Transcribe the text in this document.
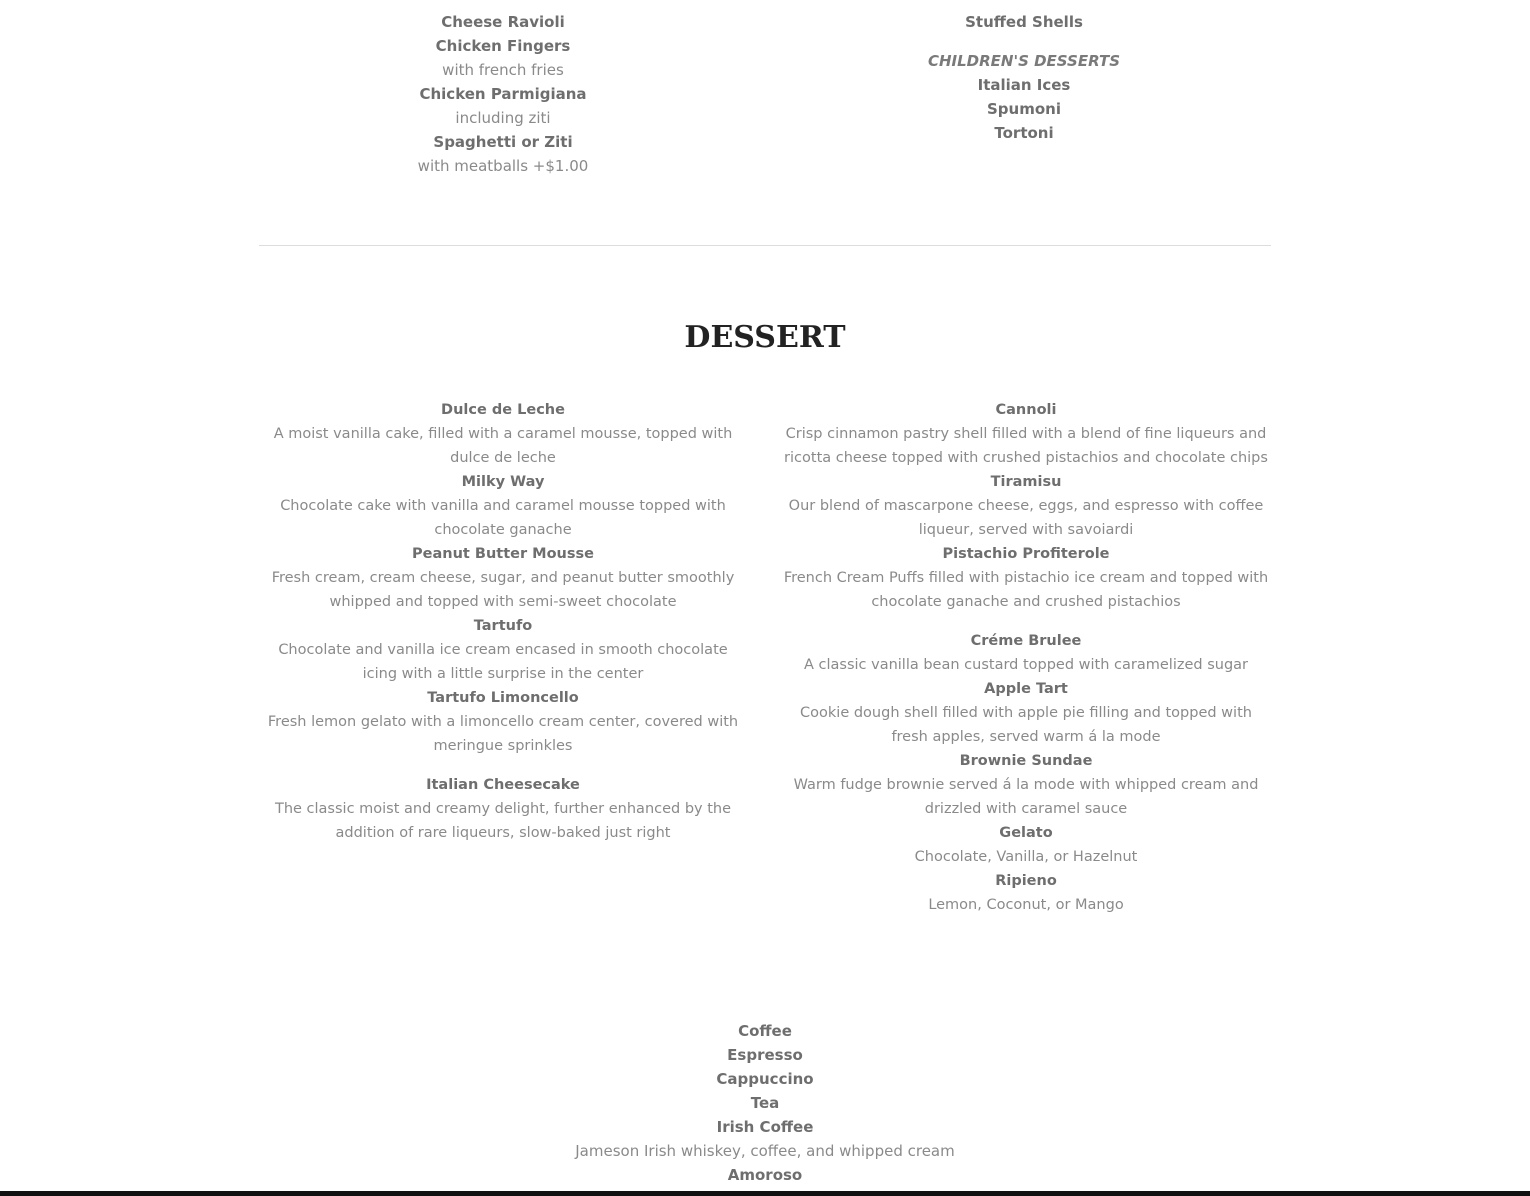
Cheese Ravioli
Chicken Fingers
with french fries
Chicken Parmigiana
including ziti
Spaghetti or Ziti
with meatballs +$1.00
Stuffed Shells
CHILDREN'S DESSERTS
Italian Ices
Spumoni
Tortoni
DESSERT
Dulce de Leche
A moist vanilla cake, filled with a caramel mousse, topped with dulce de leche
Milky Way
Chocolate cake with vanilla and caramel mousse topped with chocolate ganache
Peanut Butter Mousse
Fresh cream, cream cheese, sugar, and peanut butter smoothly whipped and topped with semi-sweet chocolate
Tartufo
Chocolate and vanilla ice cream encased in smooth chocolate icing with a little surprise in the center
Tartufo Limoncello
Fresh lemon gelato with a limoncello cream center, covered with meringue sprinkles
Italian Cheesecake
The classic moist and creamy delight, further enhanced by the addition of rare liqueurs, slow-baked just right
Cannoli
Crisp cinnamon pastry shell filled with a blend of fine liqueurs and ricotta cheese topped with crushed pistachios and chocolate chips
Tiramisu
Our blend of mascarpone cheese, eggs, and espresso with coffee liqueur, served with savoiardi
Pistachio Profiterole
French Cream Puffs filled with pistachio ice cream and topped with chocolate ganache and crushed pistachios
Créme Brulee
A classic vanilla bean custard topped with caramelized sugar
Apple Tart
Cookie dough shell filled with apple pie filling and topped with fresh apples, served warm á la mode
Brownie Sundae
Warm fudge brownie served á la mode with whipped cream and drizzled with caramel sauce
Gelato
Chocolate, Vanilla, or Hazelnut
Ripieno
Lemon, Coconut, or Mango
Coffee
Espresso
Cappuccino
Tea
Irish Coffee
Jameson Irish whiskey, coffee, and whipped cream
Amoroso
